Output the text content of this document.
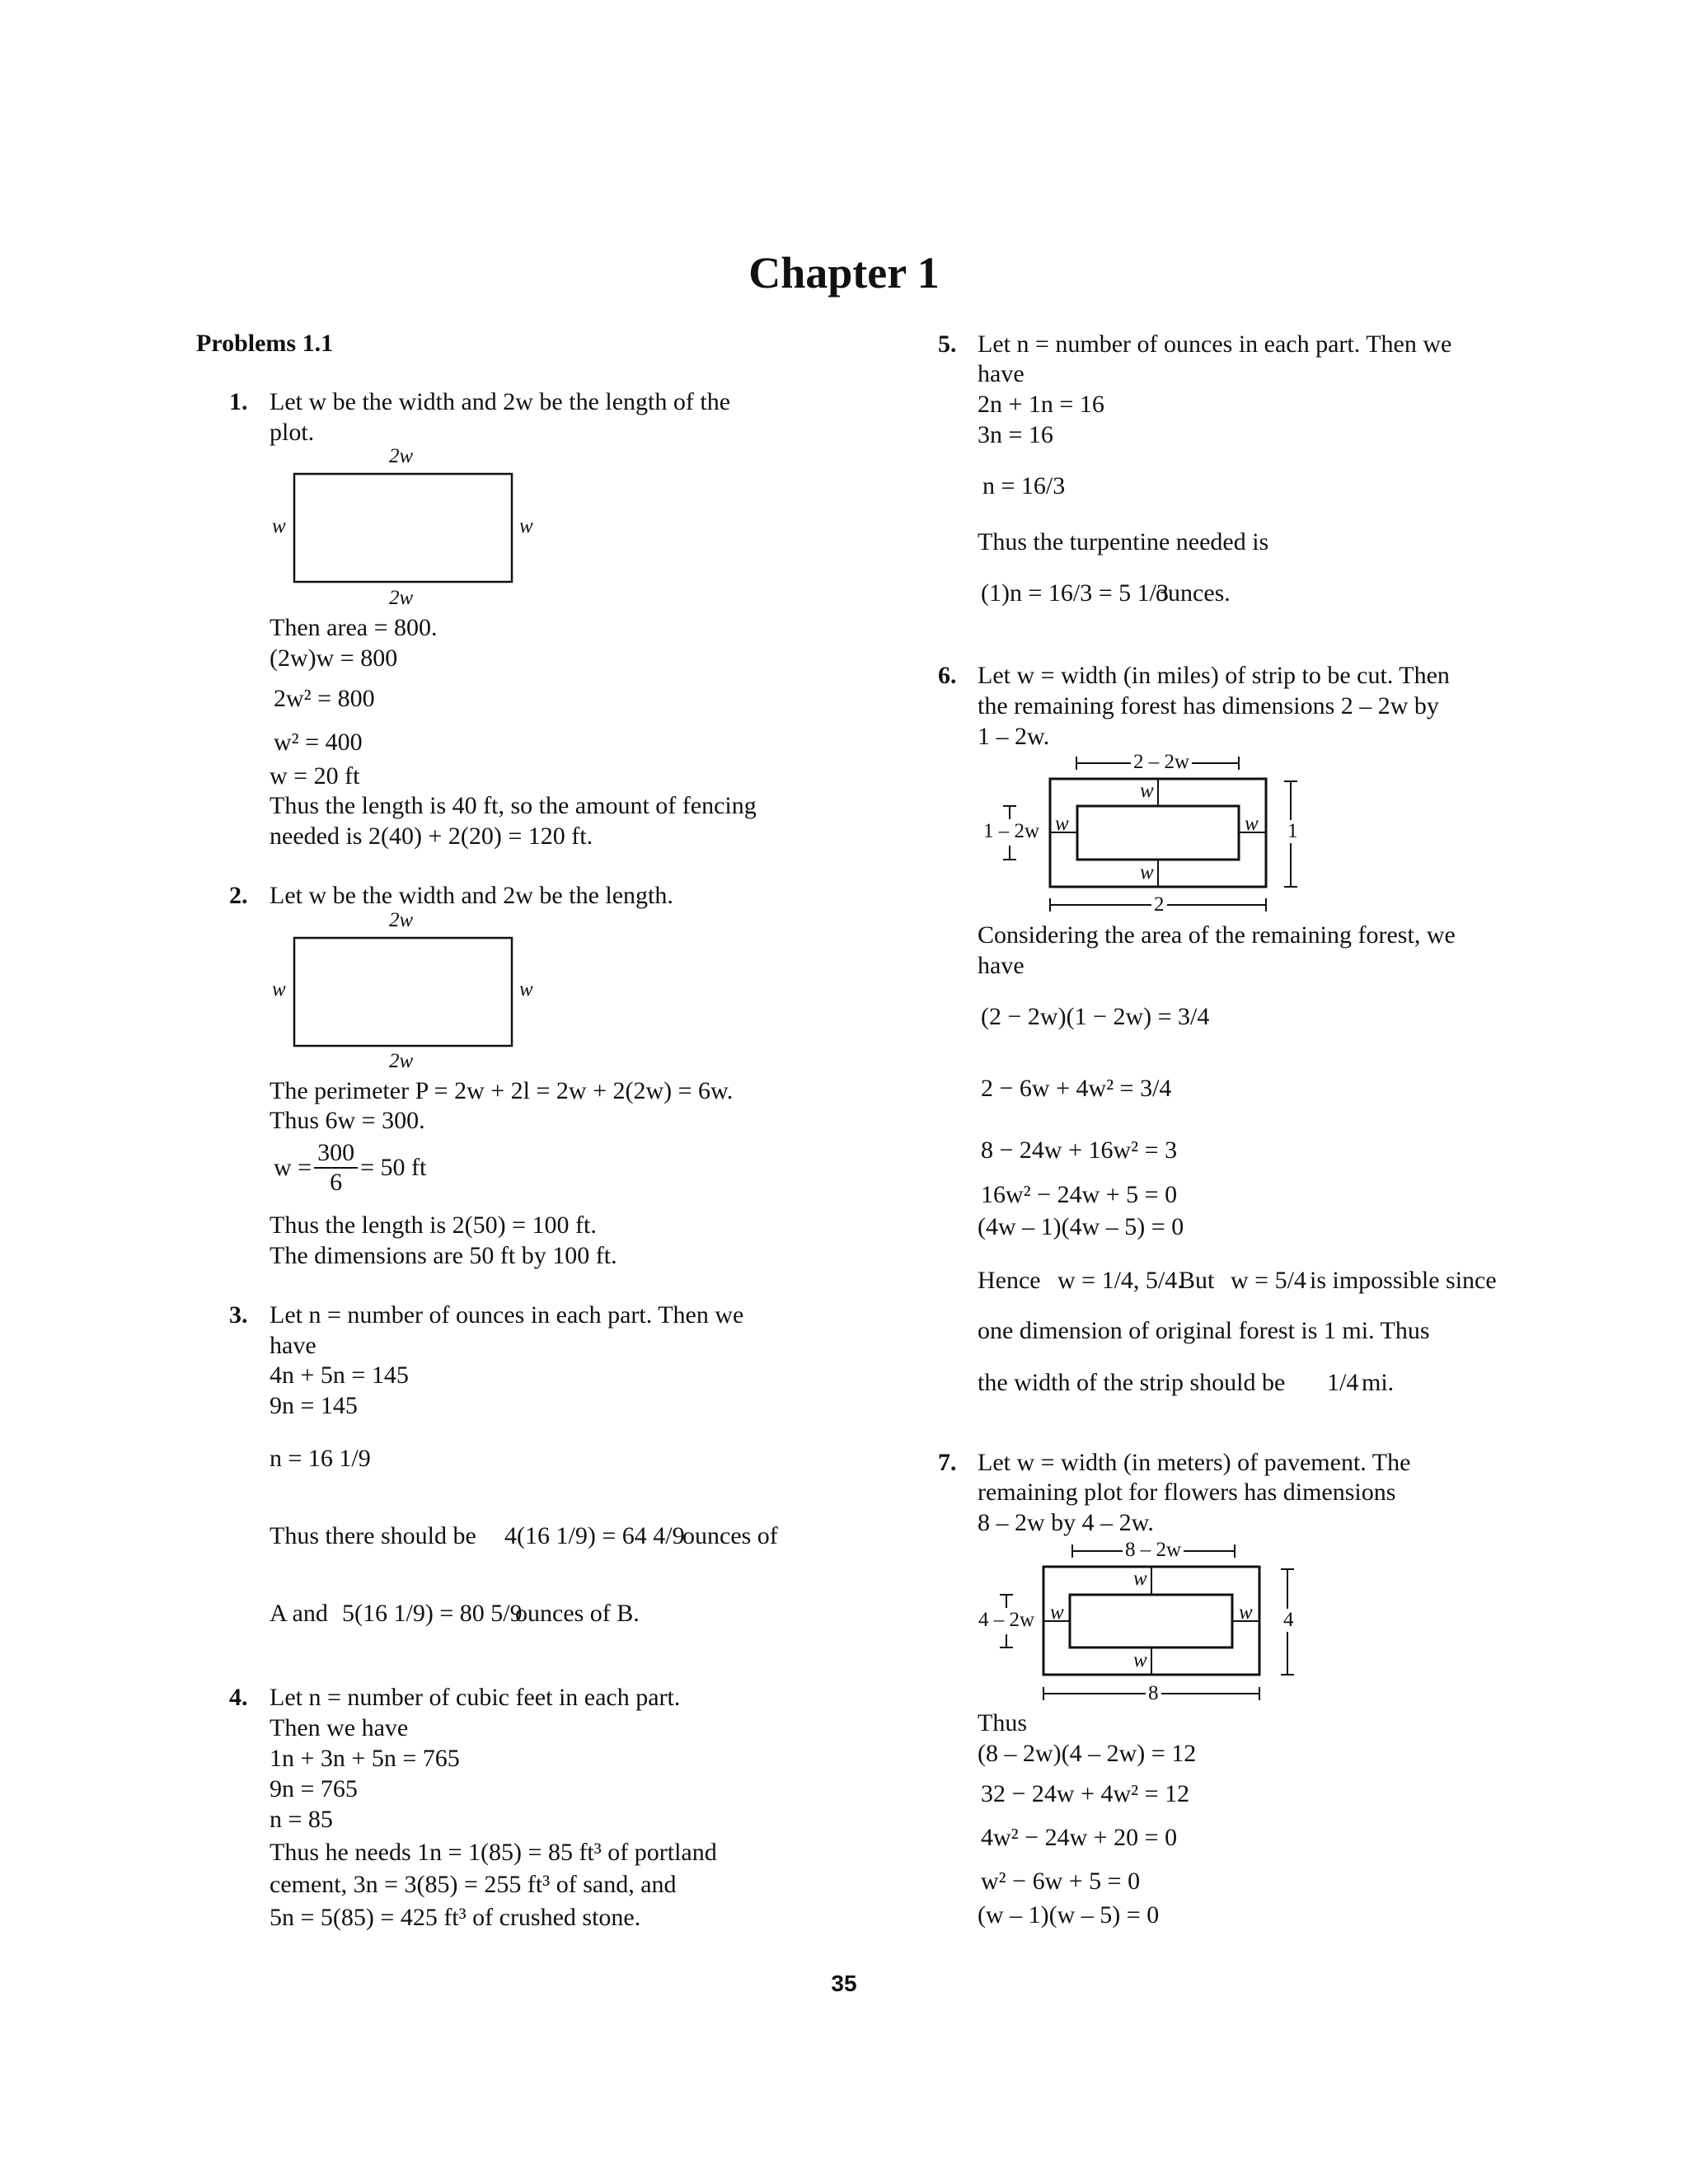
Chapter 1
Problems 1.1
1. Let w be the width and 2w be the length of the
plot.
2w
2w
w	w
Then area = 800.
(2w)w = 800
2w² = 800
w² = 400
w = 20 ft
Thus the length is 40 ft, so the amount of fencing
needed is 2(40) + 2(20) = 120 ft.
2. Let w be the width and 2w be the length.
2w
2w
w	w
The perimeter P = 2w + 2l = 2w + 2(2w) = 6w.
Thus 6w = 300.
$w = \frac{300}{6} = 50$ ft
Thus the length is 2(50) = 100 ft.
The dimensions are 50 ft by 100 ft.
3. Let n = number of ounces in each part. Then we
have
4n + 5n = 145
9n = 145
n = 16 1/9
Thus there should be 4(16 1/9) = 64 4/9
ounces of
A and 5(16 1/9) = 80 5/9
ounces of B.
4. Let n = number of cubic feet in each part.
Then we have
1n + 3n + 5n = 765
9n = 765
n = 85
Thus he needs 1n = 1(85) = 85 ft³ of portland
cement, 3n = 3(85) = 255 ft³ of sand, and
5n = 5(85) = 425 ft³ of crushed stone.
5. Let n = number of ounces in each part. Then we
have
2n + 1n = 16
3n = 16
n = 16/3
Thus the turpentine needed is
(1)n = 16/3 = 5 1/3
ounces.
6. Let w = width (in miles) of strip to be cut. Then
the remaining forest has dimensions 2 – 2w by
1 – 2w.
2 – 2w
2
1 – 2w	1
w
w
w	w
Considering the area of the remaining forest, we
have
(2 − 2w)(1 − 2w) = 3/4
2 − 6w + 4w² = 3/4
8 − 24w + 16w² = 3
16w² − 24w + 5 = 0
(4w – 1)(4w – 5) = 0
Hence w = 1/4, 5/4.
But w = 5/4 is impossible since
one dimension of original forest is 1 mi. Thus
the width of the strip should be 1/4 mi.
7. Let w = width (in meters) of pavement. The
remaining plot for flowers has dimensions
8 – 2w by 4 – 2w.
8 – 2w
8
4 – 2w	4
w
w
w	w
Thus
(8 – 2w)(4 – 2w) = 12
32 − 24w + 4w² = 12
4w² − 24w + 20 = 0
w² − 6w + 5 = 0
(w – 1)(w – 5) = 0
35
